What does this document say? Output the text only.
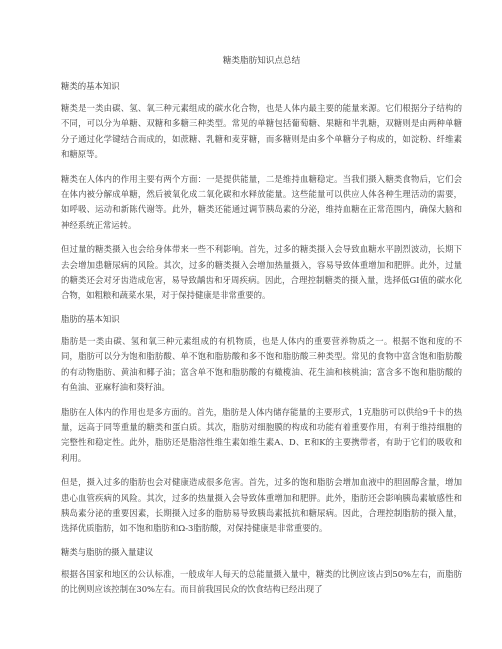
糖类脂肪知识点总结
糖类的基本知识

糖类是一类由碳、氢、氧三种元素组成的碳水化合物，也是人体内最主要的能量来源。它们根据分子结构的不同，可以分为单糖、双糖和多糖三种类型。常见的单糖包括葡萄糖、果糖和半乳糖，双糖则是由两种单糖分子通过化学键结合而成的，如蔗糖、乳糖和麦芽糖，而多糖则是由多个单糖分子构成的，如淀粉、纤维素和糖原等。

糖类在人体内的作用主要有两个方面：一是提供能量，二是维持血糖稳定。当我们摄入糖类食物后，它们会在体内被分解成单糖，然后被氧化成二氧化碳和水释放能量。这些能量可以供应人体各种生理活动的需要，如呼吸、运动和新陈代谢等。此外，糖类还能通过调节胰岛素的分泌，维持血糖在正常范围内，确保大脑和神经系统正常运转。

但过量的糖类摄入也会给身体带来一些不利影响。首先，过多的糖类摄入会导致血糖水平剧烈波动，长期下去会增加患糖尿病的风险。其次，过多的糖类摄入会增加热量摄入，容易导致体重增加和肥胖。此外，过量的糖类还会对牙齿造成危害，易导致龋齿和牙周疾病。因此，合理控制糖类的摄入量，选择低GI值的碳水化合物，如粗粮和蔬菜水果，对于保持健康是非常重要的。

脂肪的基本知识

脂肪是一类由碳、氢和氧三种元素组成的有机物质，也是人体内的重要营养物质之一。根据不饱和度的不同，脂肪可以分为饱和脂肪酸、单不饱和脂肪酸和多不饱和脂肪酸三种类型。常见的食物中富含饱和脂肪酸的有动物脂肪、黄油和椰子油；富含单不饱和脂肪酸的有橄榄油、花生油和核桃油；富含多不饱和脂肪酸的有鱼油、亚麻籽油和葵籽油。

脂肪在人体内的作用也是多方面的。首先，脂肪是人体内储存能量的主要形式，1克脂肪可以供给9千卡的热量，远高于同等重量的糖类和蛋白质。其次，脂肪对细胞膜的构成和功能有着重要作用，有利于维持细胞的完整性和稳定性。此外，脂肪还是脂溶性维生素如维生素A、D、E和K的主要携带者，有助于它们的吸收和利用。

但是，摄入过多的脂肪也会对健康造成很多危害。首先，过多的饱和脂肪会增加血液中的胆固醇含量，增加患心血管疾病的风险。其次，过多的热量摄入会导致体重增加和肥胖。此外，脂肪还会影响胰岛素敏感性和胰岛素分泌的重要因素，长期摄入过多的脂肪易导致胰岛素抵抗和糖尿病。因此，合理控制脂肪的摄入量，选择优质脂肪，如不饱和脂肪和Ω-3脂肪酸，对保持健康是非常重要的。

糖类与脂肪的摄入量建议

根据各国家和地区的公认标准，一般成年人每天的总能量摄入量中，糖类的比例应该占到50%左右，而脂肪的比例则应该控制在30%左右。而目前我国民众的饮食结构已经出现了
